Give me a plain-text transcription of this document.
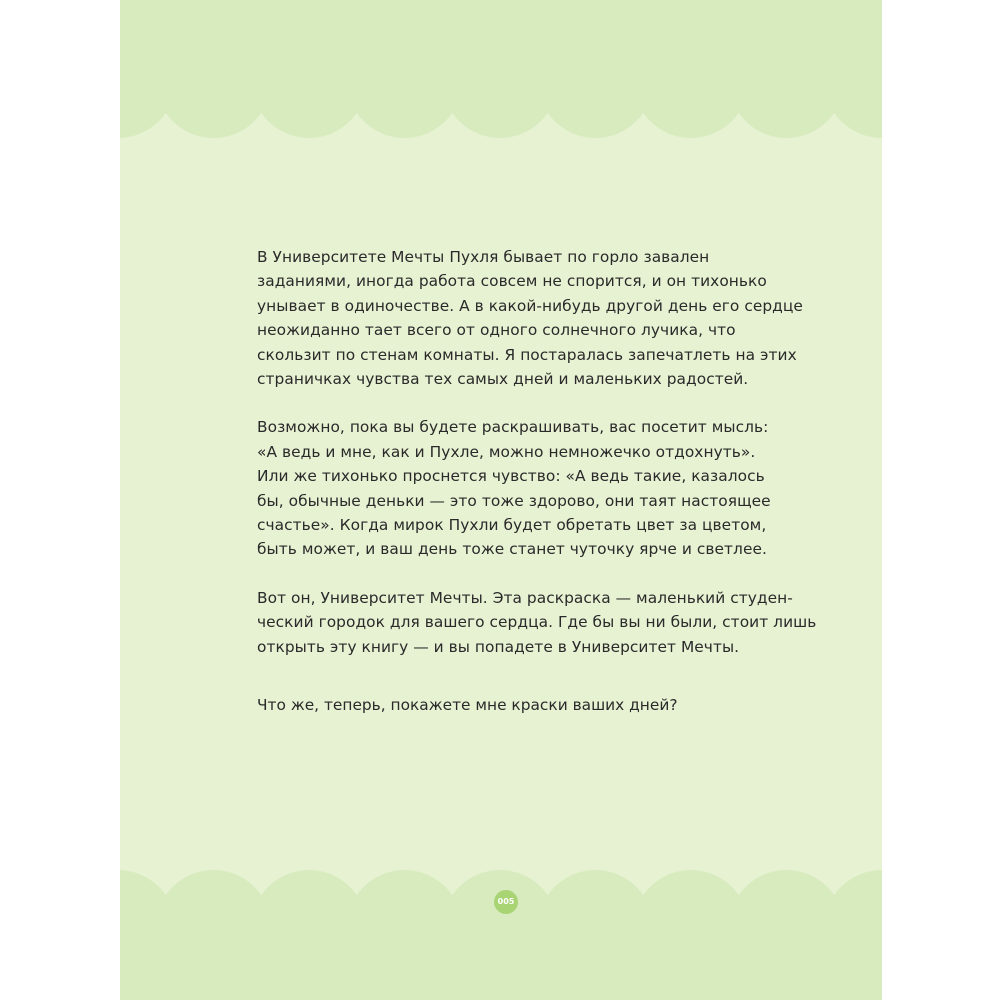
В Университете Мечты Пухля бывает по горло завален
заданиями, иногда работа совсем не спорится, и он тихонько
унывает в одиночестве. А в какой-нибудь другой день его сердце
неожиданно тает всего от одного солнечного лучика, что
скользит по стенам комнаты. Я постаралась запечатлеть на этих
страничках чувства тех самых дней и маленьких радостей.

Возможно, пока вы будете раскрашивать, вас посетит мысль:
«А ведь и мне, как и Пухле, можно немножечко отдохнуть».
Или же тихонько проснется чувство: «А ведь такие, казалось
бы, обычные деньки — это тоже здорово, они таят настоящее
счастье». Когда мирок Пухли будет обретать цвет за цветом,
быть может, и ваш день тоже станет чуточку ярче и светлее.

Вот он, Университет Мечты. Эта раскраска — маленький студен-
ческий городок для вашего сердца. Где бы вы ни были, стоит лишь
открыть эту книгу — и вы попадете в Университет Мечты.

Что же, теперь, покажете мне краски ваших дней?
005
